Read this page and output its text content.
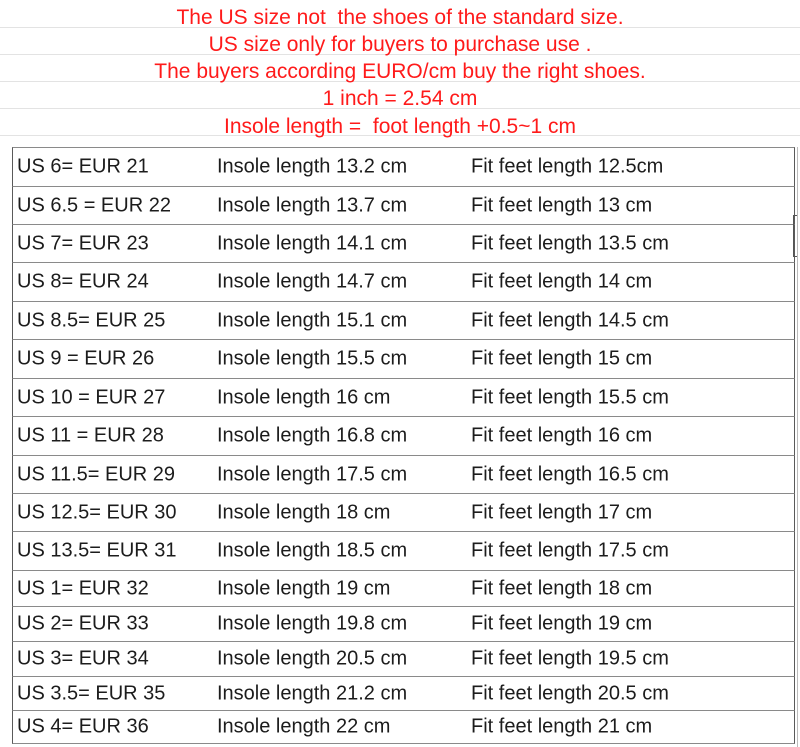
The US size not  the shoes of the standard size.
US size only for buyers to purchase use .
The buyers according EURO/cm buy the right shoes.
1 inch = 2.54 cm
Insole length =  foot length +0.5~1 cm
US 6= EUR 21	Insole length 13.2 cm	Fit feet length 12.5cm
US 6.5 = EUR 22 Insole length 13.7 cm	Fit feet length 13 cm
US 7= EUR 23	Insole length 14.1 cm	Fit feet length 13.5 cm
US 8= EUR 24	Insole length 14.7 cm	Fit feet length 14 cm
US 8.5= EUR 25	Insole length 15.1 cm	Fit feet length 14.5 cm
US 9 = EUR 26	Insole length 15.5 cm	Fit feet length 15 cm
US 10 = EUR 27	Insole length 16 cm	Fit feet length 15.5 cm
US 11 = EUR 28	Insole length 16.8 cm	Fit feet length 16 cm
US 11.5= EUR 29 Insole length 17.5 cm	Fit feet length 16.5 cm
US 12.5= EUR 30 Insole length 18 cm	Fit feet length 17 cm
US 13.5= EUR 31 Insole length 18.5 cm	Fit feet length 17.5 cm
US 1= EUR 32	Insole length 19 cm	Fit feet length 18 cm
US 2= EUR 33	Insole length 19.8 cm	Fit feet length 19 cm
US 3= EUR 34	Insole length 20.5 cm	Fit feet length 19.5 cm
US 3.5= EUR 35	Insole length 21.2 cm	Fit feet length 20.5 cm
US 4= EUR 36	Insole length 22 cm	Fit feet length 21 cm
